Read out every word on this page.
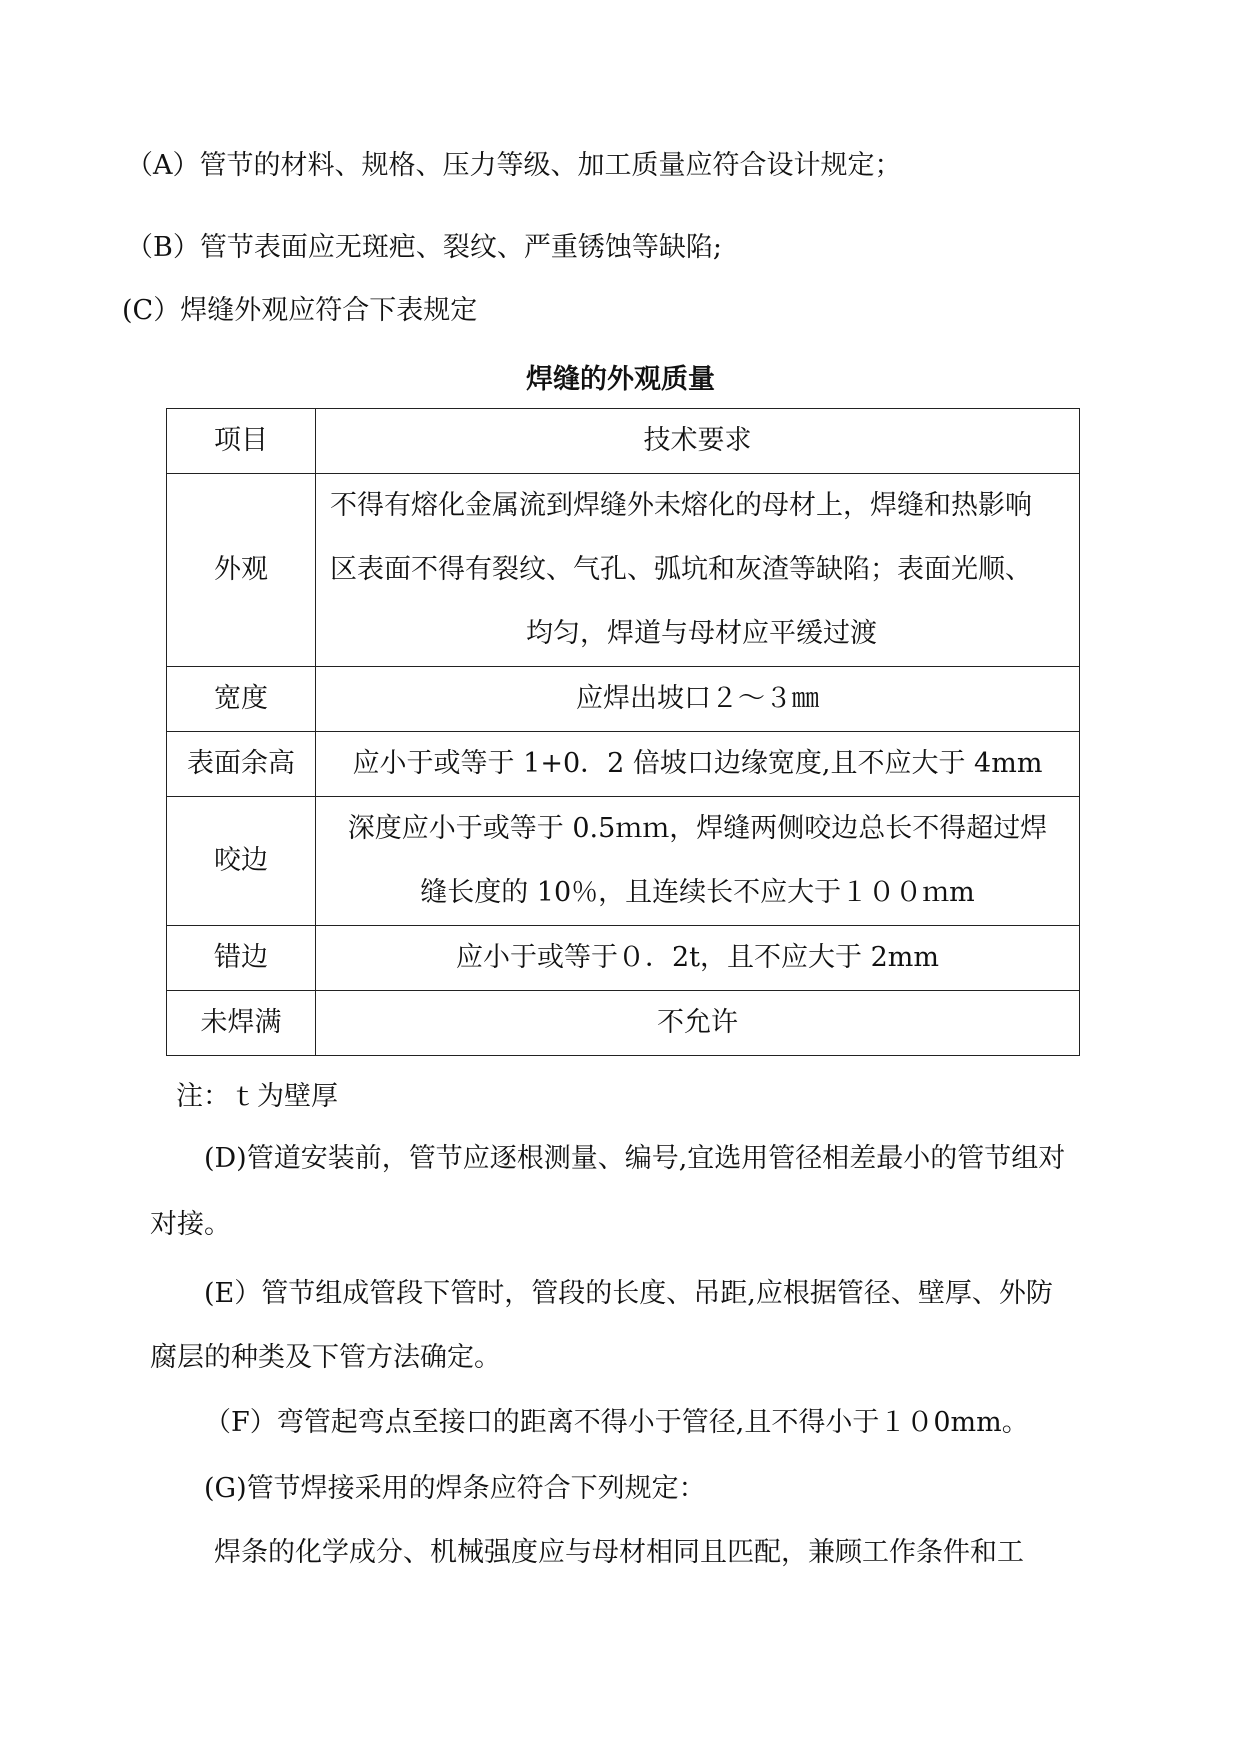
（A）管节的材料、规格、压力等级、加工质量应符合设计规定；

（B）管节表面应无斑疤、裂纹、严重锈蚀等缺陷;

(C）焊缝外观应符合下表规定

焊缝的外观质量

项目	技术要求
外观	不得有熔化金属流到焊缝外未熔化的母材上，焊缝和热影响
区表面不得有裂纹、气孔、弧坑和灰渣等缺陷；表面光顺、
均匀，焊道与母材应平缓过渡

宽度	应焊出坡口２～３㎜
表面余高	应小于或等于 1+0．2 倍坡口边缘宽度,且不应大于 4mm
咬边	深度应小于或等于 0.5ｍｍ，焊缝两侧咬边总长不得超过焊
缝长度的 10％，且连续长不应大于１００ｍm

错边	应小于或等于０．2t，且不应大于 2mm
未焊满	不允许

注：ｔ为壁厚

(D)管道安装前，管节应逐根测量、编号,宜选用管径相差最小的管节组对

对接。

(E）管节组成管段下管时，管段的长度、吊距,应根据管径、壁厚、外防

腐层的种类及下管方法确定。

（F）弯管起弯点至接口的距离不得小于管径,且不得小于１０0mm。

(G)管节焊接采用的焊条应符合下列规定：

焊条的化学成分、机械强度应与母材相同且匹配，兼顾工作条件和工
